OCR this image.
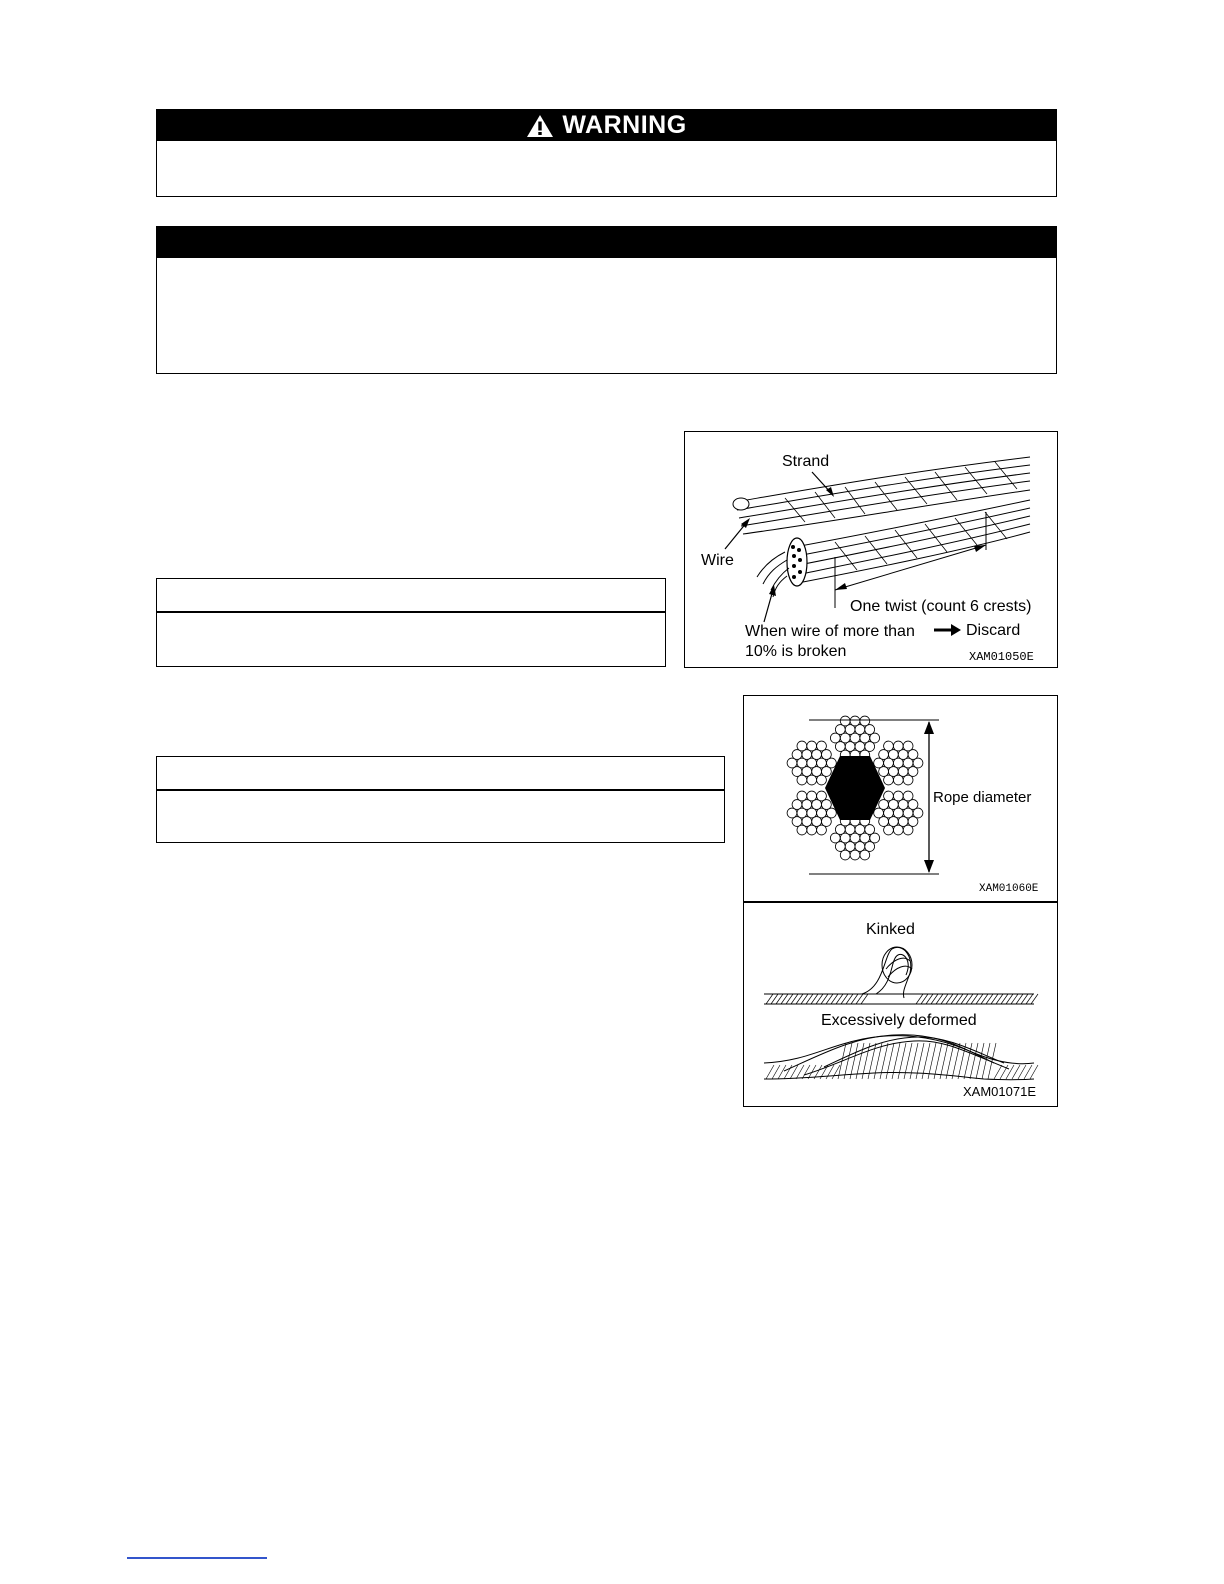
WARNING
Strand
Wire
One twist (count 6 crests)
When wire of more than
10% is broken
Discard
XAM01050E
Rope diameter
XAM01060E
Kinked
Excessively deformed
XAM01071E
